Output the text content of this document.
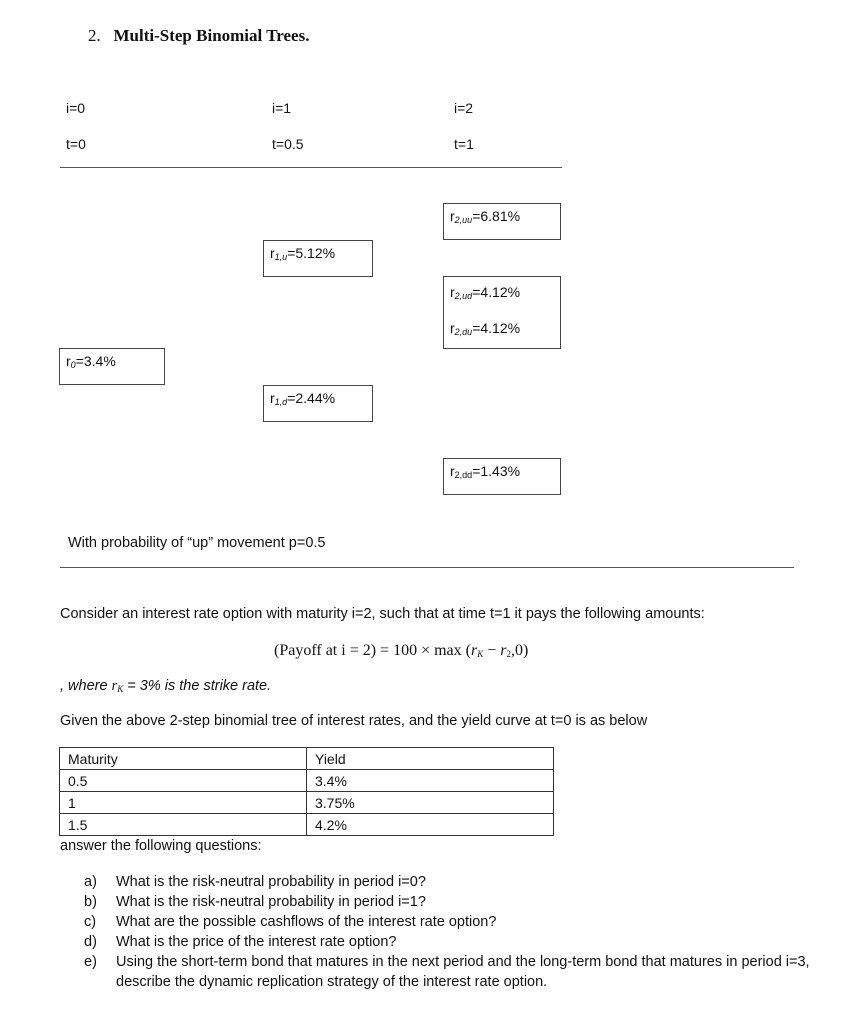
2. Multi-Step Binomial Trees.
i=0	i=1	i=2
t=0	t=0.5	t=1
$r_{2,uu}=6.81\%$
$r_{1,u}=5.12\%$
$r_{2,ud}=4.12\%$
$r_{2,du}=4.12\%$
$r_0=3.4\%$
$r_{1,d}=2.44\%$
$r_{2,dd}=1.43\%$
With probability of “up” movement p=0.5
Consider an interest rate option with maturity i=2, such that at time t=1 it pays the following amounts:
(Payoff at $i = 2) = 100 \times \max (r_K - r_2,0)$
, where $r_K = 3\%$ is the strike rate.
Given the above 2-step binomial tree of interest rates, and the yield curve at t=0 is as below
Maturity	Yield
0.5	3.4%
1	3.75%
1.5	4.2%
answer the following questions:
a)	What is the risk-neutral probability in period i=0?
b)	What is the risk-neutral probability in period i=1?
c)	What are the possible cashflows of the interest rate option?
d)	What is the price of the interest rate option?
e)	Using the short-term bond that matures in the next period and the long-term bond that matures in period i=3, describe the dynamic replication strategy of the interest rate option.
